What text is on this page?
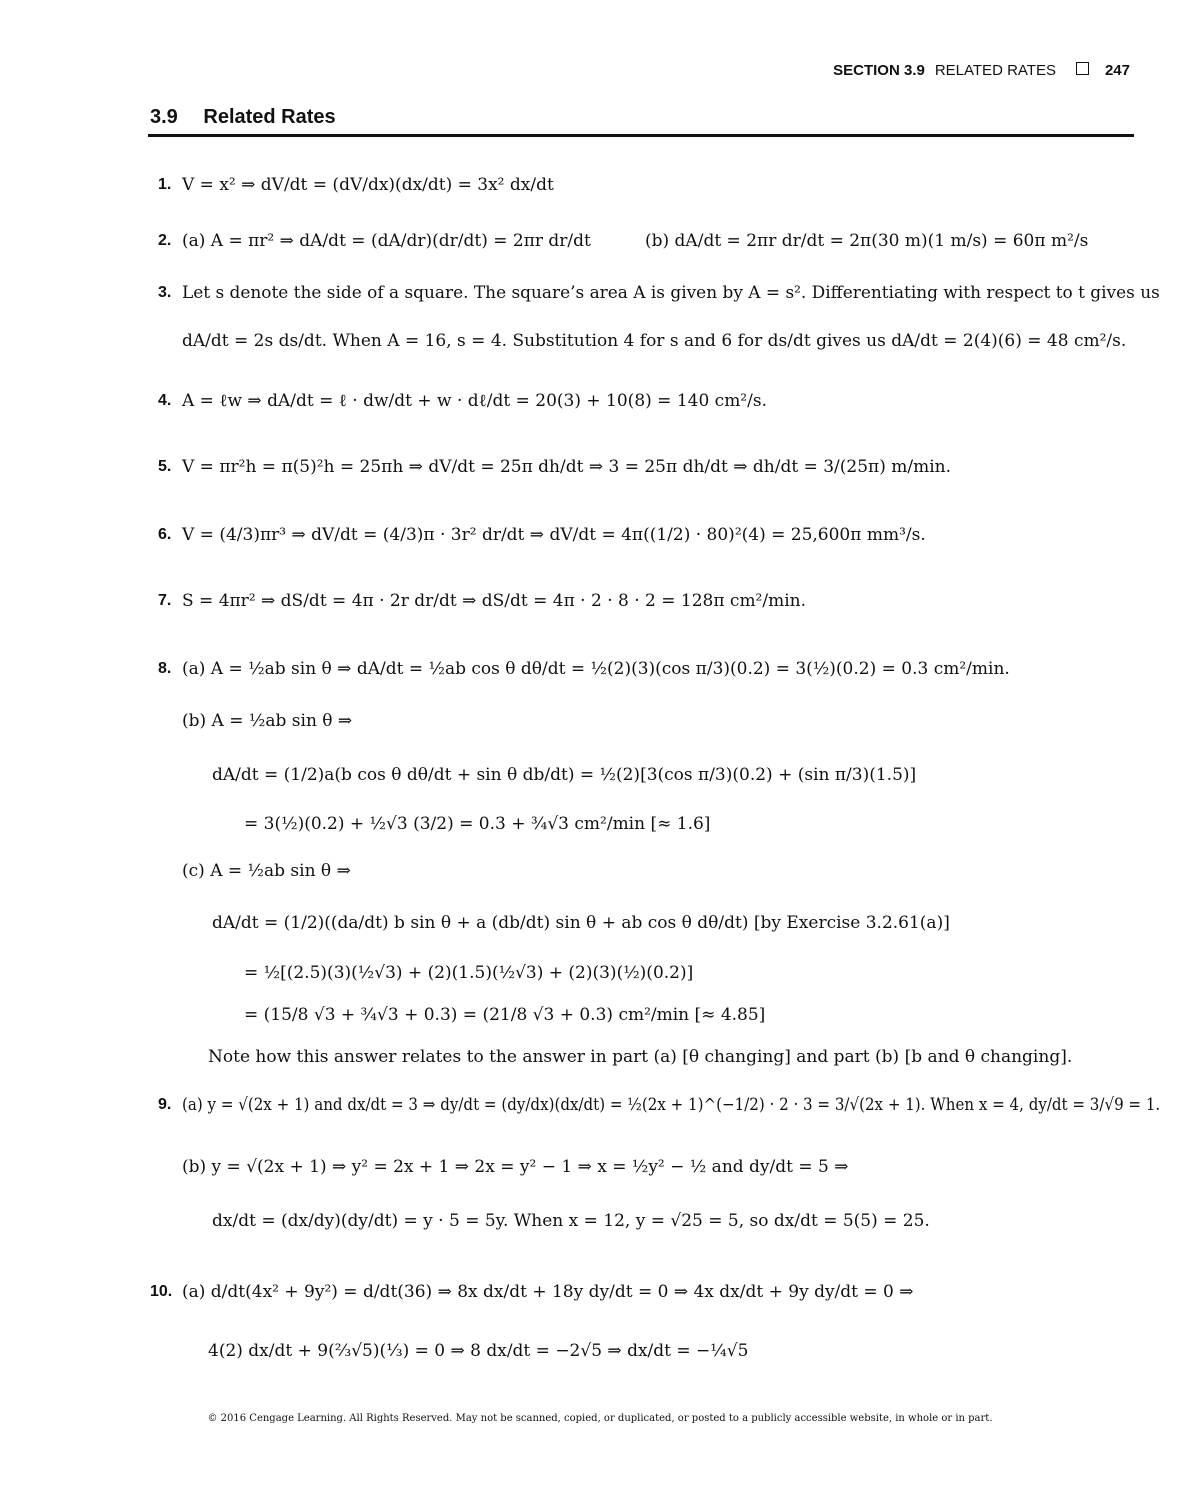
SECTION 3.9 RELATED RATES	247
3.9 Related Rates
1.
2.
3.
4.
5.
6.
7.
8.
9.
10.
V = x² ⇒ dV/dt = (dV/dx)(dx/dt) = 3x² dx/dt
(a) A = πr² ⇒ dA/dt = (dA/dr)(dr/dt) = 2πr dr/dt	(b) dA/dt = 2πr dr/dt = 2π(30 m)(1 m/s) = 60π m²/s
Let s denote the side of a square. The square’s area A is given by A = s². Differentiating with respect to t gives us
dA/dt = 2s ds/dt. When A = 16, s = 4. Substitution 4 for s and 6 for ds/dt gives us dA/dt = 2(4)(6) = 48 cm²/s.
A = ℓw ⇒ dA/dt = ℓ · dw/dt + w · dℓ/dt = 20(3) + 10(8) = 140 cm²/s.
V = πr²h = π(5)²h = 25πh ⇒ dV/dt = 25π dh/dt ⇒ 3 = 25π dh/dt ⇒ dh/dt = 3/(25π) m/min.
V = (4/3)πr³ ⇒ dV/dt = (4/3)π · 3r² dr/dt ⇒ dV/dt = 4π((1/2) · 80)²(4) = 25,600π mm³/s.
S = 4πr² ⇒ dS/dt = 4π · 2r dr/dt ⇒ dS/dt = 4π · 2 · 8 · 2 = 128π cm²/min.
(a) A = ½ab sin θ ⇒ dA/dt = ½ab cos θ dθ/dt = ½(2)(3)(cos π/3)(0.2) = 3(½)(0.2) = 0.3 cm²/min.
(b) A = ½ab sin θ ⇒
dA/dt = (1/2)a(b cos θ dθ/dt + sin θ db/dt) = ½(2)[3(cos π/3)(0.2) + (sin π/3)(1.5)]
= 3(½)(0.2) + ½√3 (3/2) = 0.3 + ¾√3 cm²/min [≈ 1.6]
(c) A = ½ab sin θ ⇒
dA/dt = (1/2)((da/dt) b sin θ + a (db/dt) sin θ + ab cos θ dθ/dt) [by Exercise 3.2.61(a)]
= ½[(2.5)(3)(½√3) + (2)(1.5)(½√3) + (2)(3)(½)(0.2)]
= (15/8 √3 + ¾√3 + 0.3) = (21/8 √3 + 0.3) cm²/min [≈ 4.85]
Note how this answer relates to the answer in part (a) [θ changing] and part (b) [b and θ changing].
(a) y = √(2x + 1) and dx/dt = 3 ⇒ dy/dt = (dy/dx)(dx/dt) = ½(2x + 1)^(−1/2) · 2 · 3 = 3/√(2x + 1). When x = 4, dy/dt = 3/√9 = 1.
(b) y = √(2x + 1) ⇒ y² = 2x + 1 ⇒ 2x = y² − 1 ⇒ x = ½y² − ½ and dy/dt = 5 ⇒
dx/dt = (dx/dy)(dy/dt) = y · 5 = 5y. When x = 12, y = √25 = 5, so dx/dt = 5(5) = 25.
(a) d/dt(4x² + 9y²) = d/dt(36) ⇒ 8x dx/dt + 18y dy/dt = 0 ⇒ 4x dx/dt + 9y dy/dt = 0 ⇒
4(2) dx/dt + 9(⅔√5)(⅓) = 0 ⇒ 8 dx/dt = −2√5 ⇒ dx/dt = −¼√5
© 2016 Cengage Learning. All Rights Reserved. May not be scanned, copied, or duplicated, or posted to a publicly accessible website, in whole or in part.
